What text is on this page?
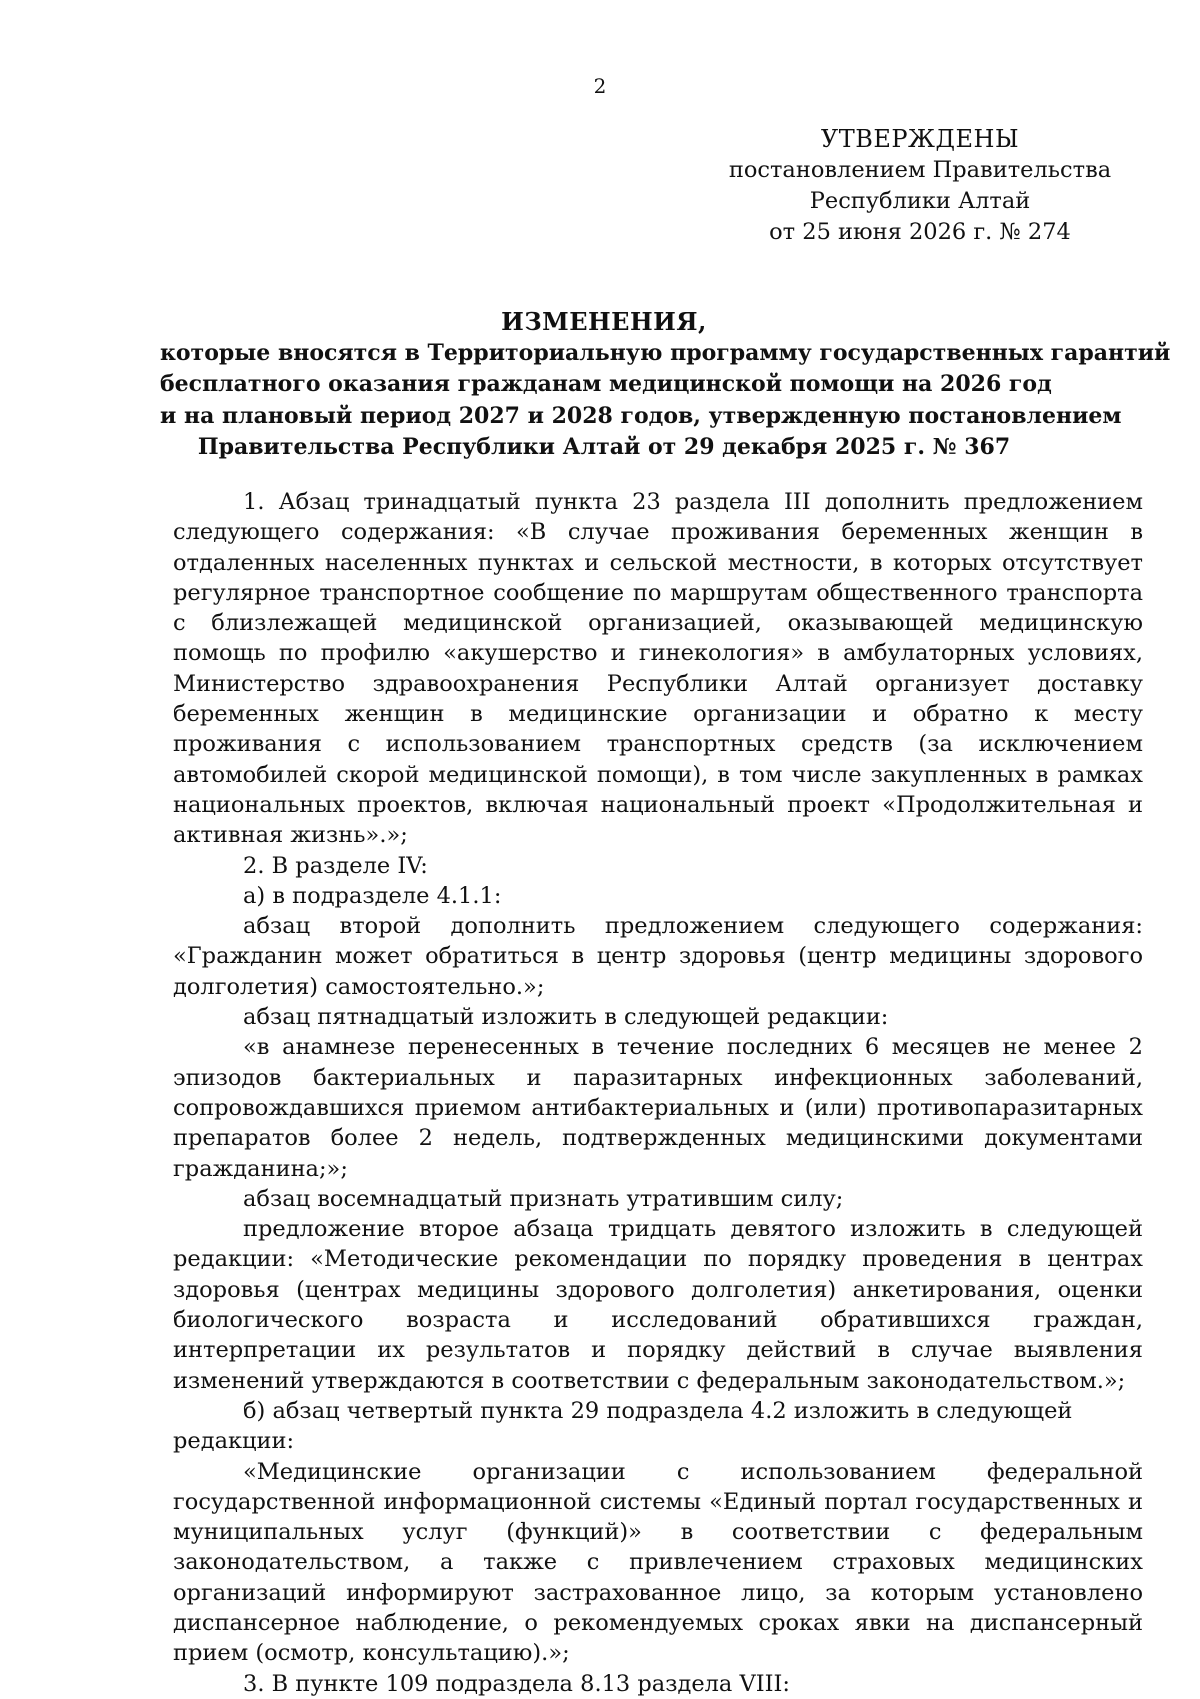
2
УТВЕРЖДЕНЫ
постановлением Правительства
Республики Алтай
от 25 июня 2026 г. № 274
ИЗМЕНЕНИЯ,
которые вносятся в Территориальную программу государственных гарантий
бесплатного оказания гражданам медицинской помощи на 2026 год
и на плановый период 2027 и 2028 годов, утвержденную постановлением
Правительства Республики Алтай от 29 декабря 2025 г. № 367

1. Абзац тринадцатый пункта 23 раздела III дополнить предложением следующего содержания: «В случае проживания беременных женщин в отдаленных населенных пунктах и сельской местности, в которых отсутствует регулярное транспортное сообщение по маршрутам общественного транспорта с близлежащей медицинской организацией, оказывающей медицинскую помощь по профилю «акушерство и гинекология» в амбулаторных условиях, Министерство здравоохранения Республики Алтай организует доставку беременных женщин в медицинские организации и обратно к месту проживания с использованием транспортных средств (за исключением автомобилей скорой медицинской помощи), в том числе закупленных в рамках национальных проектов, включая национальный проект «Продолжительная и активная жизнь».»;

2. В разделе IV:

а) в подразделе 4.1.1:

абзац второй дополнить предложением следующего содержания: «Гражданин может обратиться в центр здоровья (центр медицины здорового долголетия) самостоятельно.»;

абзац пятнадцатый изложить в следующей редакции:

«в анамнезе перенесенных в течение последних 6 месяцев не менее 2 эпизодов бактериальных и паразитарных инфекционных заболеваний, сопровождавшихся приемом антибактериальных и (или) противопаразитарных препаратов более 2 недель, подтвержденных медицинскими документами гражданина;»;

абзац восемнадцатый признать утратившим силу;

предложение второе абзаца тридцать девятого изложить в следующей редакции: «Методические рекомендации по порядку проведения в центрах здоровья (центрах медицины здорового долголетия) анкетирования, оценки биологического возраста и исследований обратившихся граждан, интерпретации их результатов и порядку действий в случае выявления изменений утверждаются в соответствии с федеральным законодательством.»;

б) абзац четвертый пункта 29 подраздела 4.2 изложить в следующей редакции:

«Медицинские организации с использованием федеральной государственной информационной системы «Единый портал государственных и муниципальных услуг (функций)» в соответствии с федеральным законодательством, а также с привлечением страховых медицинских организаций информируют застрахованное лицо, за которым установлено диспансерное наблюдение, о рекомендуемых сроках явки на диспансерный прием (осмотр, консультацию).»;

3. В пункте 109 подраздела 8.13 раздела VIII:
